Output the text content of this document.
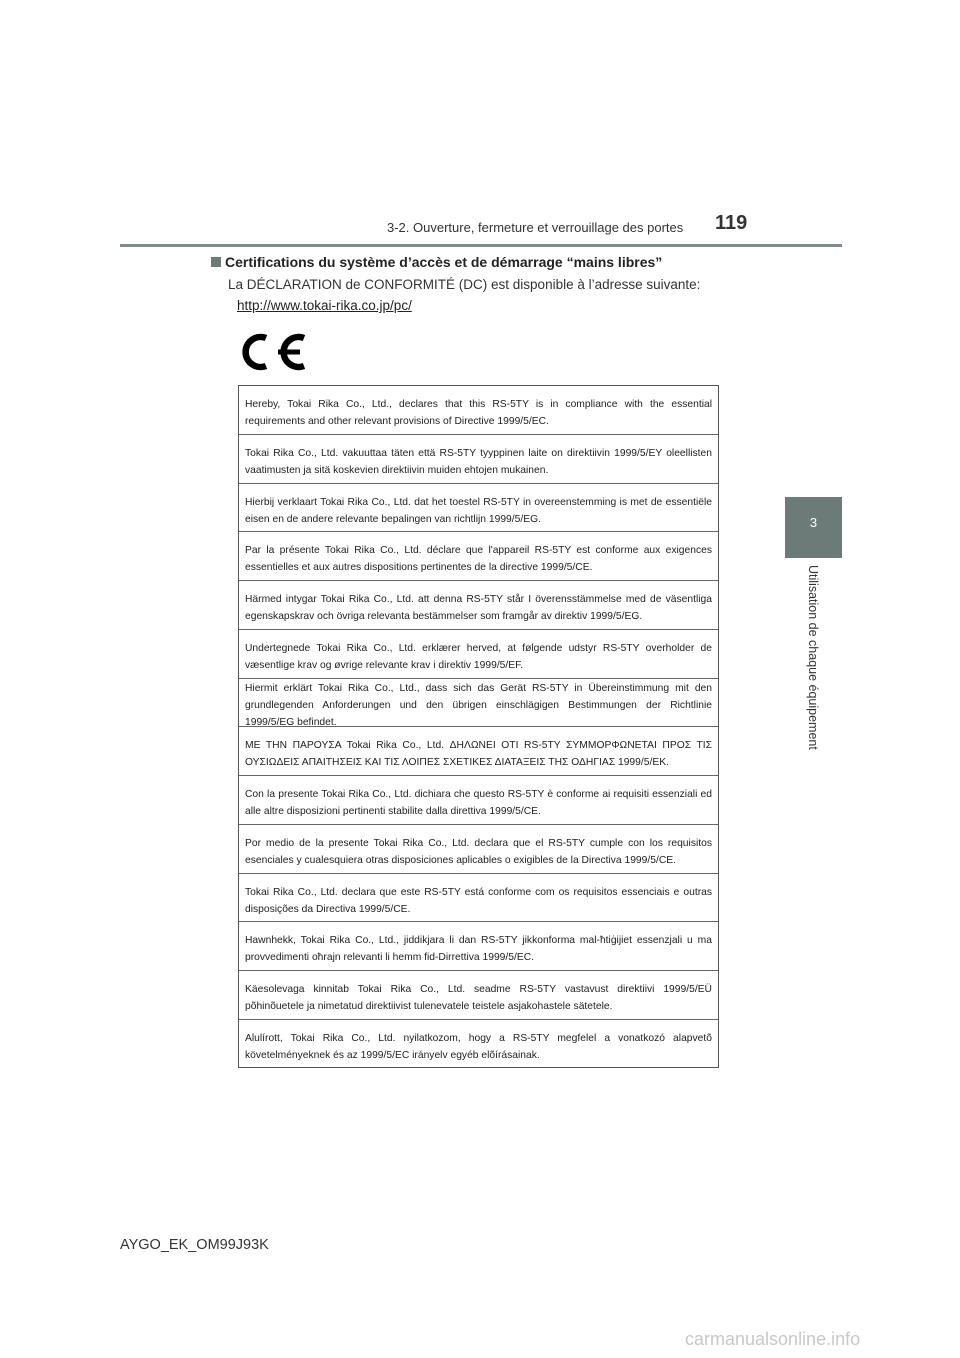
3-2. Ouverture, fermeture et verrouillage des portes 119
3
Utilisation de chaque équipement
Certifications du système d’accès et de démarrage “mains libres”
La DÉCLARATION de CONFORMITÉ (DC) est disponible à l’adresse suivante:
http://www.tokai-rika.co.jp/pc/
Hereby, Tokai Rika Co., Ltd., declares that this RS-5TY is in compliance with the essential requirements and other relevant provisions of Directive 1999/5/EC.
Tokai Rika Co., Ltd. vakuuttaa täten että RS-5TY tyyppinen laite on direktiivin 1999/5/EY oleellisten vaatimusten ja sitä koskevien direktiivin muiden ehtojen mukainen.
Hierbij verklaart Tokai Rika Co., Ltd. dat het toestel RS-5TY in overeenstemming is met de essentiële eisen en de andere relevante bepalingen van richtlijn 1999/5/EG.
Par la présente Tokai Rika Co., Ltd. déclare que l'appareil RS-5TY est conforme aux exigences essentielles et aux autres dispositions pertinentes de la directive 1999/5/CE.
Härmed intygar Tokai Rika Co., Ltd. att denna RS-5TY står I överensstämmelse med de väsentliga egenskapskrav och övriga relevanta bestämmelser som framgår av direktiv 1999/5/EG.
Undertegnede Tokai Rika Co., Ltd. erklærer herved, at følgende udstyr RS-5TY overholder de væsentlige krav og øvrige relevante krav i direktiv 1999/5/EF.
Hiermit erklärt Tokai Rika Co., Ltd., dass sich das Gerät RS-5TY in Übereinstimmung mit den grundlegenden Anforderungen und den übrigen einschlägigen Bestimmungen der Richtlinie 1999/5/EG befindet.
ΜΕ ΤΗΝ ΠΑΡΟΥΣΑ Tokai Rika Co., Ltd. ΔΗΛΩΝΕΙ ΟΤΙ RS-5TY ΣΥΜΜΟΡΦΩΝΕΤΑΙ ΠΡΟΣ ΤΙΣ ΟΥΣΙΩΔΕΙΣ ΑΠΑΙΤΗΣΕΙΣ ΚΑΙ ΤΙΣ ΛΟΙΠΕΣ ΣΧΕΤΙΚΕΣ ΔΙΑΤΑΞΕΙΣ ΤΗΣ ΟΔΗΓΙΑΣ 1999/5/ΕΚ.
Con la presente Tokai Rika Co., Ltd. dichiara che questo RS-5TY è conforme ai requisiti essenziali ed alle altre disposizioni pertinenti stabilite dalla direttiva 1999/5/CE.
Por medio de la presente Tokai Rika Co., Ltd. declara que el RS-5TY cumple con los requisitos esenciales y cualesquiera otras disposiciones aplicables o exigibles de la Directiva 1999/5/CE.
Tokai Rika Co., Ltd. declara que este RS-5TY está conforme com os requisitos essenciais e outras disposições da Directiva 1999/5/CE.
Hawnhekk, Tokai Rika Co., Ltd., jiddikjara li dan RS-5TY jikkonforma mal-ħtiġijiet essenzjali u ma provvedimenti oħrajn relevanti li hemm fid-Dirrettiva 1999/5/EC.
Käesolevaga kinnitab Tokai Rika Co., Ltd. seadme RS-5TY vastavust direktiivi 1999/5/EÜ põhinõuetele ja nimetatud direktiivist tulenevatele teistele asjakohastele sätetele.
Alulírott, Tokai Rika Co., Ltd. nyilatkozom, hogy a RS-5TY megfelel a vonatkozó alapvetõ követelményeknek és az 1999/5/EC irányelv egyéb elõírásainak.
AYGO_EK_OM99J93K
carmanualsonline.info
